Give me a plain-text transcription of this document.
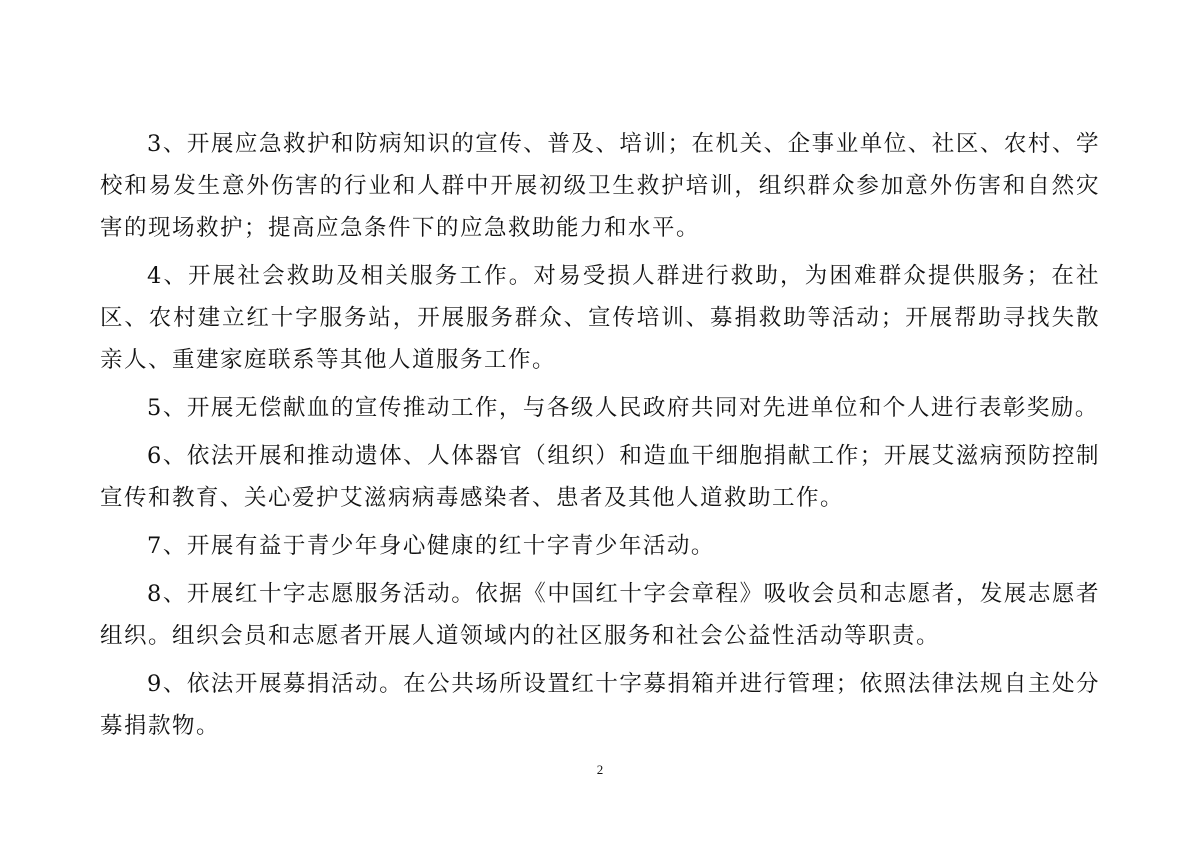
3、开展应急救护和防病知识的宣传、普及、培训；在机关、企事业单位、社区、农村、学校和易发生意外伤害的行业和人群中开展初级卫生救护培训，组织群众参加意外伤害和自然灾害的现场救护；提高应急条件下的应急救助能力和水平。

4、开展社会救助及相关服务工作。对易受损人群进行救助，为困难群众提供服务；在社区、农村建立红十字服务站，开展服务群众、宣传培训、募捐救助等活动；开展帮助寻找失散亲人、重建家庭联系等其他人道服务工作。

5、开展无偿献血的宣传推动工作，与各级人民政府共同对先进单位和个人进行表彰奖励。

6、依法开展和推动遗体、人体器官（组织）和造血干细胞捐献工作；开展艾滋病预防控制宣传和教育、关心爱护艾滋病病毒感染者、患者及其他人道救助工作。

7、开展有益于青少年身心健康的红十字青少年活动。

8、开展红十字志愿服务活动。依据《中国红十字会章程》吸收会员和志愿者，发展志愿者组织。组织会员和志愿者开展人道领域内的社区服务和社会公益性活动等职责。

9、依法开展募捐活动。在公共场所设置红十字募捐箱并进行管理；依照法律法规自主处分募捐款物。

2
